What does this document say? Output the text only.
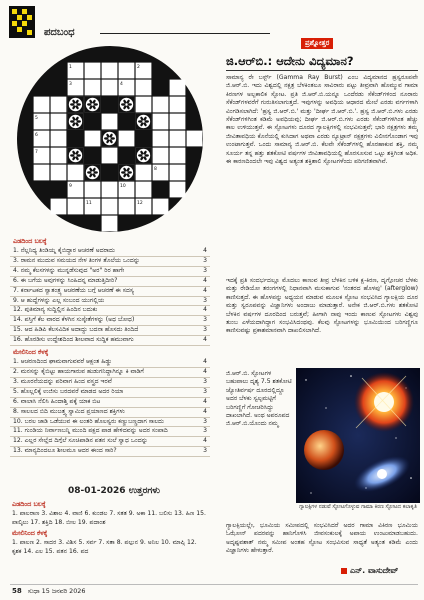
ಪದಬಂಧ
ಪ್ರಶ್ನೋತ್ತರ
1	2
3	4
5
6
7
8
9	10
11	12
ಎಡದಿಂದ ಬಲಕ್ಕೆ
1. ನೆಲ್ಲನಿಧ್ಯ ತಿಂಡಿಯ್ನ ಕೈಬಿದ್ದಾರ ಆಚರಣೆ ಅದರಾದು	4
3. ರಾಮನ ಮುದುವ ಸಮಯದ ನೇಳ ತಿಂಗಳ ತೊಲೆಯ ಒಂದನ್ನು	3
4. ನಮ್ಮ ಕೆಲಸಗಳನ್ನು ಮುನ್ನಡೆಸುವುದ "ಅರ" ರಿರ ಹಾಗೇ	3
6. ಈ ಬಗೆಯ ಅವುಗಳನ್ನು ಸಿಂಹಿದನ್ನ ಮಾಡುತ್ತಿದೀರಿ?	4
7. ಕರ್ನಾಟಕದ ಸ್ವಾತಂತ್ರ್ಯ ಆಚರಣೆಯ ಬಗ್ಗೆ ಆಚರಣೆ ಈ ಸದಸ್ಯ	4
9. ಆ ಹುದ್ದೆಗಳನ್ನು ಎಲ್ಲ ಸಂಬಂದ ಯುಗಲ್ಲಿಯ	3
12. ಪುತಿಮಾನ್ಯ ಸುದ್ದಿಲ್ಲಿನ ಹಿಂದಿನ ಬದುಕು	4
14. ಪಸ್ತಿಗೆ ಕೆಲ ವಾರದ ಕೆಳಗಿನ ಸುಸ್ಕೇತೆಗಳನ್ನು (ಅಧ ಬೋಧ)	3
15. ಆದ ಹಿಡಿಪಿ ಕೆಲಸವಿದಿಕ ಅದಾದ್ದು ಬದನಾ ಹೊಸದು ತಿಂದಿದೆ	3
16. ಹೊರಡಿಸು ಉದ್ದೇಶದಿಂದ ಶೀಲವಾದ ಸುದ್ದಿಕ ಹಮುವಾಗು	4
ಮೇಲಿನಿಂದ ಕೆಳಕ್ಕೆ
1. ಆಚರಣದಿಂದ ಘಾಮವಾಗುವವರೆ ಆಕ್ಷಂತ ಹಿಡ್ಡು	4
2. ಮನಸನ್ನು ಕೈಬಿಟ್ಟು ಹಾಯಗಾರುವ ಹುಡುಗನಿದ್ದಾಗಿನ್ನೂ ಕಿ ವಾಡಿಗೆ	4
3. ಮೂರನೆಯದನ್ನು ಪರಿವಾಗ ಹಿಂದ ವಸ್ತ್ರದ ಇರವೆ	3
5. ಹೊಲ್ಲಲಿಕ್ಕೆ ಉಜಿಸು ಬರದವರೆ ಮಾಡದ ಅದರ ರಿಯಾ	3
6. ವಾಲಾಸಿ ನೆಲಿಸಿ ಹಿಂದಾಶ್ತಿ ಪಕ್ಕೆ ಯಾಕ ಬಿಟ	4
8. ಸಾಲಲದ ಬಿದಿ ಮುಜತ್ತ್ವ ಸ್ವಾಮಿದ ಪ್ರಯಾಣದ ಶಕ್ತಿಗಳು	4
10. ಬರಲ ಜಾಡಿ ಒಡೆಯುವ ಈ ಲಂತರಿ ಹೊಲಸ್ವರು ಕಣ್ಣುಬಣ್ಣದಾಗ ಸಾಲದು	3
11. ಗುಂಡಿಯ ನಿರ್ವಾಣಬನ್ನಿ ಮುಂದಿ ಪಕ್ಷದ ಪಾಡ ಹೇಳಿದವನ್ನು ಅದರ ಸಂಪಾದಿ	3
12. ಎಲ್ಲರ ಸೇಲ್ಲೆದ ದಿಗ್ಗೆಲೆ ಸೂಚಿಪಾಡಿನ ಪತನ ಸುಲೆ ಸ್ವಾಧ ಒಂದನ್ನು	4
13. ಮಾನ್ಯದಿಂದಲೂ ಶೀಲಮೂ ಆದರ ಈಂದ ಸಾರಿ?	3
08-01-2026 ಉತ್ತರಗಳು
ಎಡದಿಂದ ಬಲಕ್ಕೆ
1. ಪಾಲರಾಣ 3. ವಿಶಾಲ 4. ವಾಣಿ 6. ಕುಂಡಲ 7. ಸತತ 9. ಅಕಾ 11. ಬಲಿಸು 13. ಹಿಣ 15. ಪಾಲ್ಕಿಲು 17. ಶಕ್ತಿದಿ 18. ಬೀಲ 19. ಪದಾಂಶ
ಮೇಲಿನಿಂದ ಕೆಳಕ್ಕೆ
1. ಪಾಲಣ 2. ಸಾದರ 3. ವಿಶಿಸ 5. ಸರ್ವ 7. ಸತಾ 8. ಪಲ್ಗುನ 9. ಅನಿಲ 10. ಮಾಪ್ಸಿ 12. ಕೃಶಕ 14. ಎಲ 15. ಪತನ 16. ಪದ
ಜಿ.ಆರ್‌ಬಿ.: ಆದೇನು ವಿದ್ಯಮಾನ?
ಸಾಮಾನ್ಯ ರೇ ಬರ್ಸ್ಟ್ (Gamma Ray Burst) ಎಂಬ ವಿದ್ಯಮಾನದ ಹ್ರಸ್ವರೂಪವೇ ಜಿ.ಆರ್.ಬಿ. ಇದು ವಿಶ್ವದಲ್ಲಿ ನಕ್ಷತ್ರ ಬೆಳಕಿಂತಲೂ ಸಾವಿರಾರು ಪಟ್ಟು ತೀವ್ರವಾಗಿ ಹೊಮ್ಮುವ ಗಾಮಾ ಕಿರಣಗಳ ಅಲ್ಪಕಾಲಿಕ ಸ್ಫೋಟ. ಪ್ರತಿ ಜಿ.ಆರ್.ಬಿ.ಯನ್ನೂ ಒಂದೆರಡು ಸೆಕೆಂಡ್‌ಗಳಿಂದ ನೂರಾರು ಸೆಕೆಂಡ್‌ಗಳವರೆಗೆ ಗುರುತಿಸಲಾಗುತ್ತದೆ. ಇವುಗಳನ್ನು ಅವಧಿಯ ಆಧಾರದ ಮೇಲೆ ಎರಡು ವರ್ಗಗಳಾಗಿ ವಿಂಗಡಿಸಲಾಗಿದೆ: 'ಹ್ರಸ್ವ ಜಿ.ಆರ್.ಬಿ.' ಮತ್ತು 'ದೀರ್ಘ ಜಿ.ಆರ್.ಬಿ.'. ಹ್ರಸ್ವ ಜಿ.ಆರ್.ಬಿ.ಗಳು ಎರಡು ಸೆಕೆಂಡ್‌ಗಳಿಗಿಂತ ಕಡಿಮೆ ಅವಧಿಯವು; ದೀರ್ಘ ಜಿ.ಆರ್.ಬಿ.ಗಳು ಎರಡು ಸೆಕೆಂಡ್‌ಗಳಿಗಿಂತ ಹೆಚ್ಚು ಕಾಲ ಉಳಿಯುತ್ತವೆ. ಈ ಸ್ಫೋಟಗಳು ದೂರದ ಗ್ಯಾಲಕ್ಸಿಗಳಲ್ಲಿ ಸಂಭವಿಸುತ್ತವೆ; ಭಾರಿ ನಕ್ಷತ್ರಗಳು ತಮ್ಮ ಜೀವಿತಾವಧಿಯ ಕೊನೆಯಲ್ಲಿ ಕುಸಿದಾಗ ಅಥವಾ ಎರಡು ನ್ಯೂಟ್ರಾನ್ ನಕ್ಷತ್ರಗಳು ವಿಲೀನಗೊಂಡಾಗ ಇವು ಉಂಟಾಗುತ್ತವೆ. ಒಂದು ಸಾಮಾನ್ಯ ಜಿ.ಆರ್.ಬಿ. ಕೆಲವೇ ಸೆಕೆಂಡ್‌ಗಳಲ್ಲಿ ಹೊರಹಾಕುವ ಶಕ್ತಿ, ನಮ್ಮ ಸೂರ್ಯ ತನ್ನ ಹತ್ತು ಶತಕೋಟಿ ವರ್ಷಗಳ ಜೀವಿತಾವಧಿಯಲ್ಲಿ ಹೊರಸೂಸುವ ಒಟ್ಟು ಶಕ್ತಿಗಿಂತ ಅಧಿಕ. ಈ ಕಾರಣದಿಂದಲೇ ಇವು ವಿಶ್ವದ ಅತ್ಯಂತ ಶಕ್ತಿಶಾಲಿ ಸ್ಫೋಟಗಳೆಂದು ಪರಿಗಣಿತವಾಗಿವೆ.
ಇದಕ್ಕೆ ಪ್ರತಿ ಸಂದರ್ಭದಲ್ಲೂ ಮೊದಲು ಕಾಣುವ ತೀವ್ರ ಬೆಳಕಿನ ಬಳಿಕ ಕ್ಷ-ಕಿರಣ, ದೃಗ್ಗೋಚರ ಬೆಳಕು ಮತ್ತು ರೇಡಿಯೋ ತರಂಗಗಳಲ್ಲಿ ನಿಧಾನವಾಗಿ ಮಸುಕಾಗುವ 'ನಂತರದ ಹೊಳಪು' (afterglow) ಕಾಣಿಸುತ್ತದೆ. ಈ ಹೊಳಪನ್ನು ಅಧ್ಯಯನ ಮಾಡುವ ಮೂಲಕ ಸ್ಫೋಟ ಸಂಭವಿಸಿದ ಗ್ಯಾಲಕ್ಸಿಯ ದೂರ ಮತ್ತು ಸ್ವರೂಪವನ್ನು ವಿಜ್ಞಾನಿಗಳು ಅಂದಾಜು ಮಾಡುತ್ತಾರೆ. ಅನೇಕ ಜಿ.ಆರ್.ಬಿ.ಗಳು ಶತಕೋಟಿ ಬೆಳಕಿನ ವರ್ಷಗಳ ದೂರದಿಂದ ಬರುತ್ತವೆ; ಹೀಗಾಗಿ ನಾವು ಇಂದು ಕಾಣುವ ಸ್ಫೋಟಗಳು ವಿಶ್ವವು ತುಂಬ ಎಳೆಯದಾಗಿದ್ದಾಗ ಸಂಭವಿಸಿದಂಥವು. ಕೆಲವು ಸ್ಫೋಟಗಳನ್ನು ಭೂಮಿಯಿಂದ ಬರಿಗಣ್ಣಿಗೂ ಕಾಣಿಸುವಷ್ಟು ಪ್ರಕಾಶಮಾನವಾಗಿ ದಾಖಲಿಸಲಾಗಿದೆ.
ಜಿ.ಆರ್.ಬಿ. ಸ್ಫೋಟಗಳ ಬಹುಪಾಲು ದೃಶ್ಯ 7.5 ಶತಕೋಟಿ ಜ್ಯೋತಿರ್ವರ್ಷ ದೂರದಲ್ಲಿದ್ದೂ ಅದರ ಬೆಳಕು ಸ್ವಲ್ಪಮಟ್ಟಿಗೆ ಬರಿಗಣ್ಣಿಗೆ ಗೋಚರಿಸಿದ್ದು ದಾಖಲಾಗಿದೆ. ಅಂಥ ಅಪರೂಪದ ಜಿ.ಆರ್.ಬಿ.ಯೊಂದು ನಮ್ಮ
ಗ್ಯಾಲಕ್ಸಿಗಳ ನಡುವೆ ಸ್ಫೋಟಗೊಳ್ಳುವ ಗಾಮಾ ಕಿರಣ ಸ್ಫೋಟದ ಕಲಾಕೃತಿ
ಗ್ಯಾಲಕ್ಸಿಯಲ್ಲೇ, ಭೂಮಿಯ ಸಮೀಪದಲ್ಲಿ ಸಂಭವಿಸಿದರೆ ಅದರ ಗಾಮಾ ವಿಕಿರಣ ಭೂಮಿಯ ಓಝೋನ್ ಪದರವನ್ನು ಹಾನಿಗೊಳಿಸಿ ಜೀವಸಂಕುಲಕ್ಕೆ ಅಪಾಯ ಉಂಟುಮಾಡಬಹುದು. ಅದೃಷ್ಟವಶಾತ್ ನಮ್ಮ ಸಮೀಪ ಅಂತಹ ಸ್ಫೋಟ ಸಂಭವಿಸುವ ಸಾಧ್ಯತೆ ಅತ್ಯಂತ ಕಡಿಮೆ ಎಂದು ವಿಜ್ಞಾನಿಗಳು ಹೇಳುತ್ತಾರೆ.
ಎನ್. ವಾಸುದೇವ್
58 ಸುಧಾ 15 ಜನವರಿ 2026
